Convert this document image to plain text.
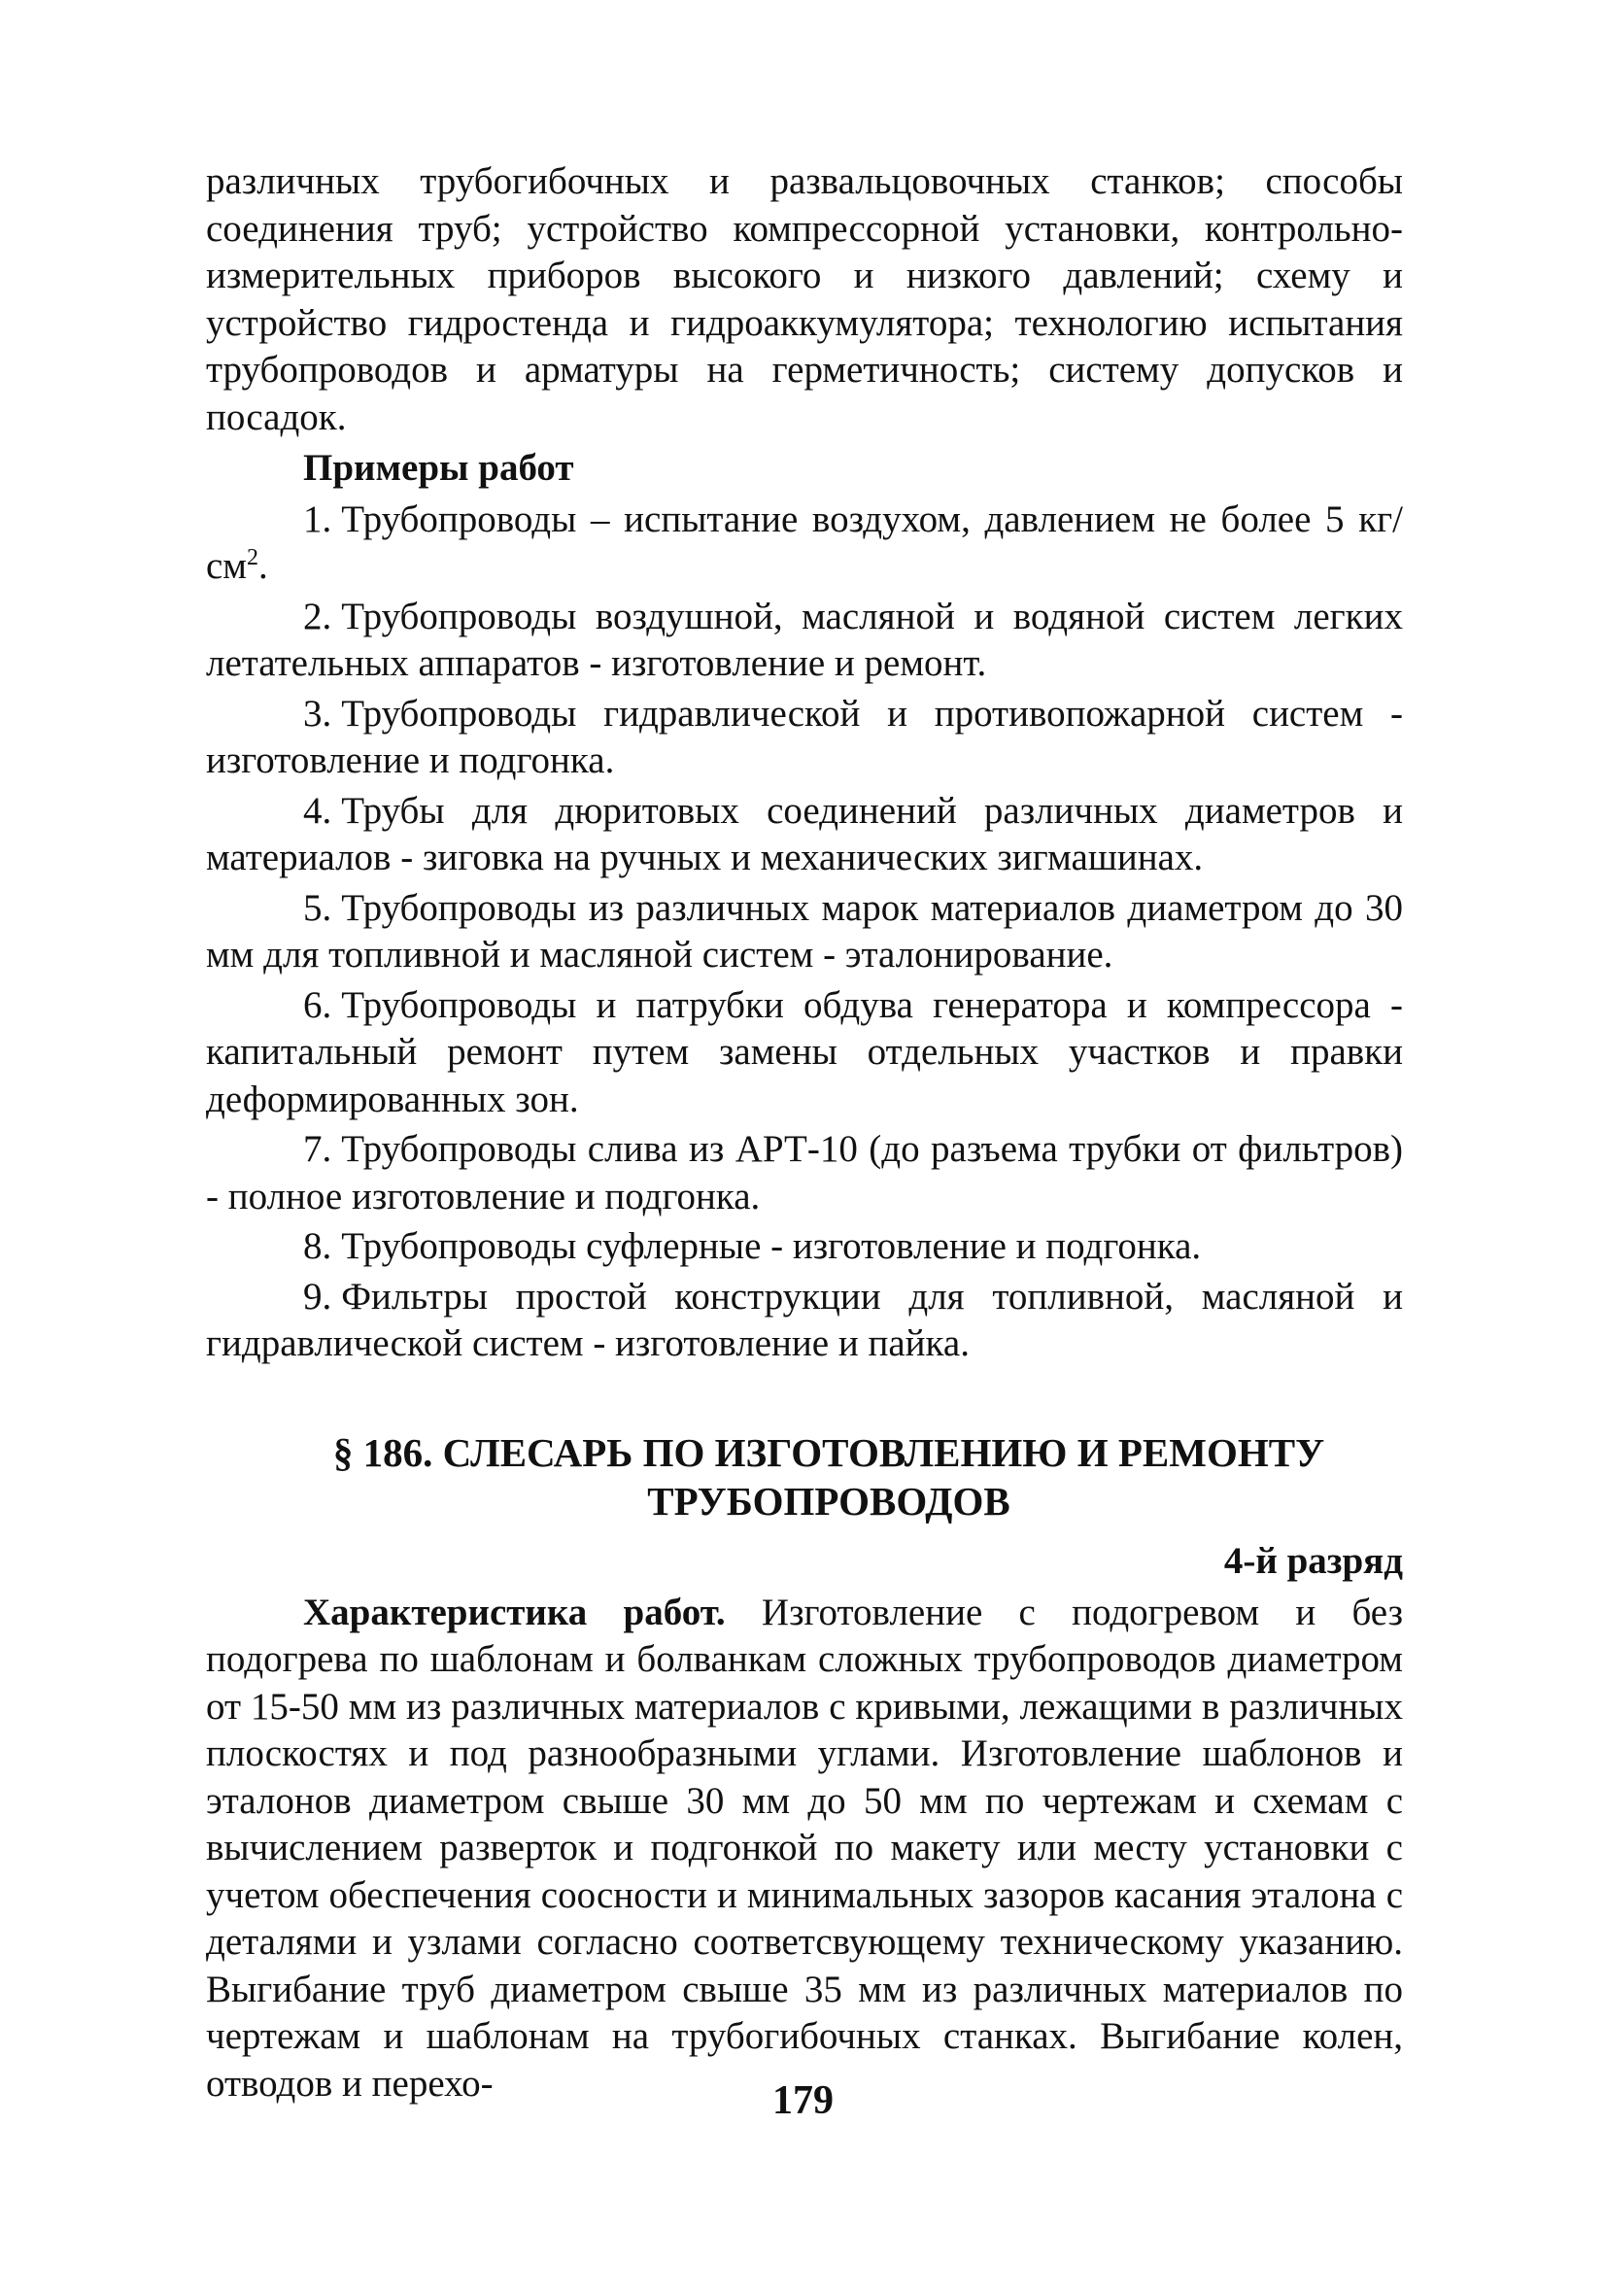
различных трубогибочных и развальцовочных станков; способы соединения труб; устройство компрессорной установки, контрольно-измерительных приборов высокого и низкого давлений; схему и устройство гидростенда и гидроаккумулятора; технологию испытания трубопроводов и арматуры на герметичность; систему допусков и посадок.

Примеры работ
1. Трубопроводы – испытание воздухом, давлением не более 5 $кг/см^2$.
2. Трубопроводы воздушной, масляной и водяной систем легких летательных аппаратов - изготовление и ремонт.
3. Трубопроводы гидравлической и противопожарной систем - изготовление и подгонка.
4. Трубы для дюритовых соединений различных диаметров и материалов - зиговка на ручных и механических зигмашинах.
5. Трубопроводы из различных марок материалов диаметром до 30 мм для топливной и масляной систем - эталонирование.
6. Трубопроводы и патрубки обдува генератора и компрессора - капитальный ремонт путем замены отдельных участков и правки деформированных зон.
7. Трубопроводы слива из АРТ-10 (до разъема трубки от фильтров) - полное изготовление и подгонка.
8. Трубопроводы суфлерные - изготовление и подгонка.
9. Фильтры простой конструкции для топливной, масляной и гидравлической систем - изготовление и пайка.
§ 186. СЛЕСАРЬ ПО ИЗГОТОВЛЕНИЮ И РЕМОНТУ
ТРУБОПРОВОДОВ
4-й разряд

Характеристика работ. Изготовление с подогревом и без подогрева по шаблонам и болванкам сложных трубопроводов диаметром от 15-50 мм из различных материалов с кривыми, лежащими в различных плоскостях и под разнообразными углами. Изготовление шаблонов и эталонов диаметром свыше 30 мм до 50 мм по чертежам и схемам с вычислением разверток и подгонкой по макету или месту установки с учетом обеспечения соосности и минимальных зазоров касания эталона с деталями и узлами согласно соответсвующему техническому указанию. Выгибание труб диаметром свыше 35 мм из различных материалов по чертежам и шаблонам на трубогибочных станках. Выгибание колен, отводов и перехо-	179
